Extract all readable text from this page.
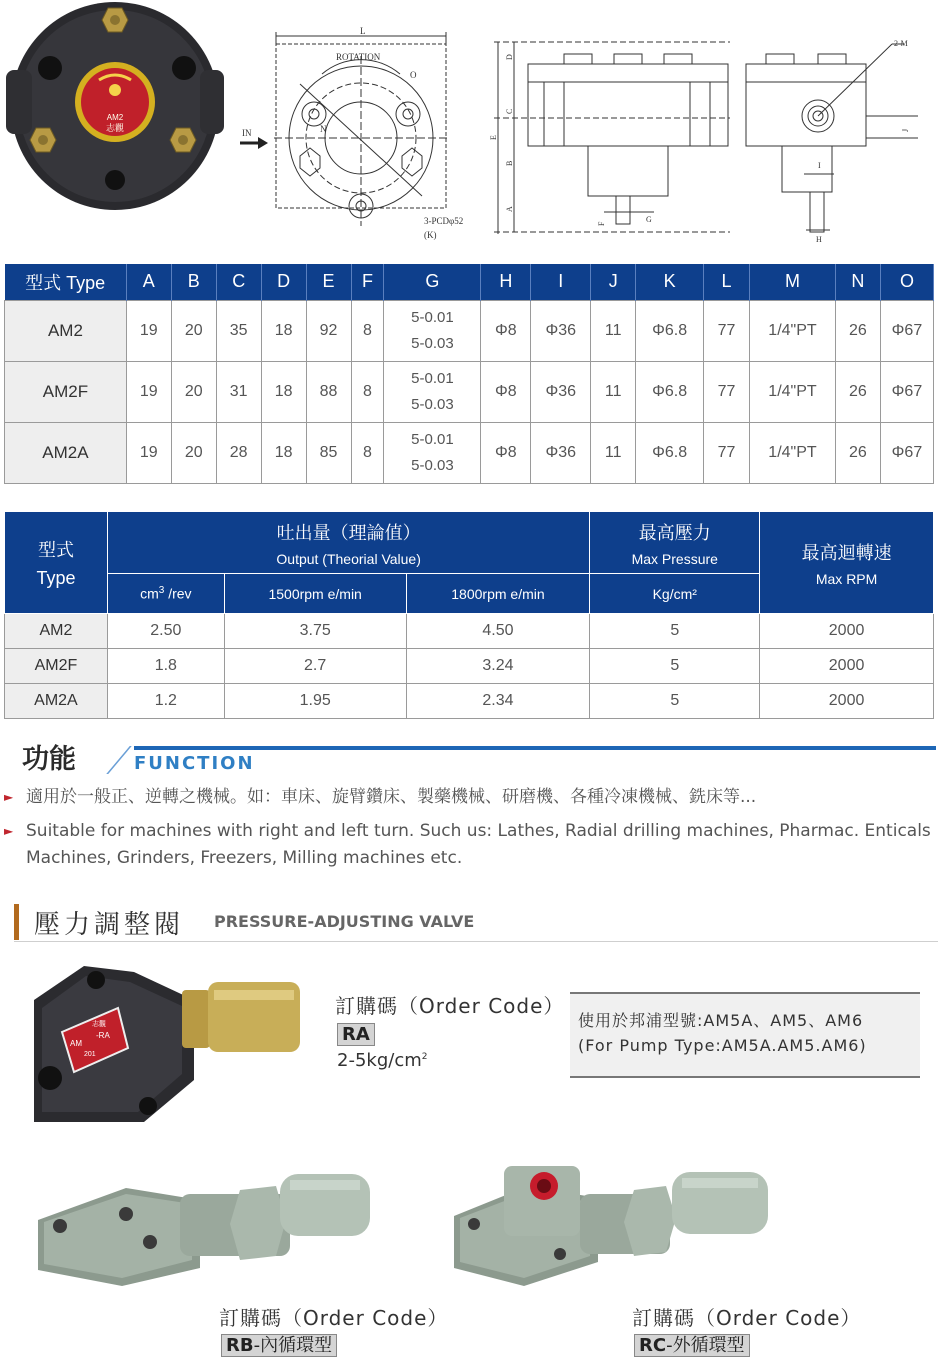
AM2
志觀
L
ROTATION
IN
O
N
3-PCDφ52
(K)
D
C
B
A
E
F	G
2-M
J
I
H
型式 Type	A	B	C	D	E	F	G	H	I	J	K	L	M	N	O
AM2	19	20	35	18	92	8	5-0.01
5-0.03	Φ8	Φ36	11	Φ6.8	77	1/4"PT	26	Φ67
AM2F	19	20	31	18	88	8	5-0.01
5-0.03	Φ8	Φ36	11	Φ6.8	77	1/4"PT	26	Φ67
AM2A	19	20	28	18	85	8	5-0.01
5-0.03	Φ8	Φ36	11	Φ6.8	77	1/4"PT	26	Φ67
型式
Type	吐出量（理論值）
Output (Theorial Value)			最高壓力
Max Pressure	最高迴轉速
Max RPM

	$cm^3$ /rev	1500rpm e/min	1800rpm e/min	Kg/cm²	
AM2	2.50	3.75	4.50	5	2000
AM2F	1.8	2.7	3.24	5	2000
AM2A	1.2	1.95	2.34	5	2000
功能	FUNCTION
► 適用於一般正、逆轉之機械。如：車床、旋臂鑽床、製藥機械、研磨機、各種冷凍機械、銑床等...
► Suitable for machines with right and left turn. Such us: Lathes, Radial drilling machines, Pharmac. Enticals
Machines, Grinders, Freezers, Milling machines etc.
壓力調整閥 PRESSURE-ADJUSTING VALVE
AM
-RA
201
志觀
訂購碼（Order Code）
RA
$2-5kg/cm^2$
使用於邦浦型號:AM5A、AM5、AM6
(For Pump Type:AM5A.AM5.AM6)
訂購碼（Order Code）
RB-內循環型
訂購碼（Order Code）
RC-外循環型
